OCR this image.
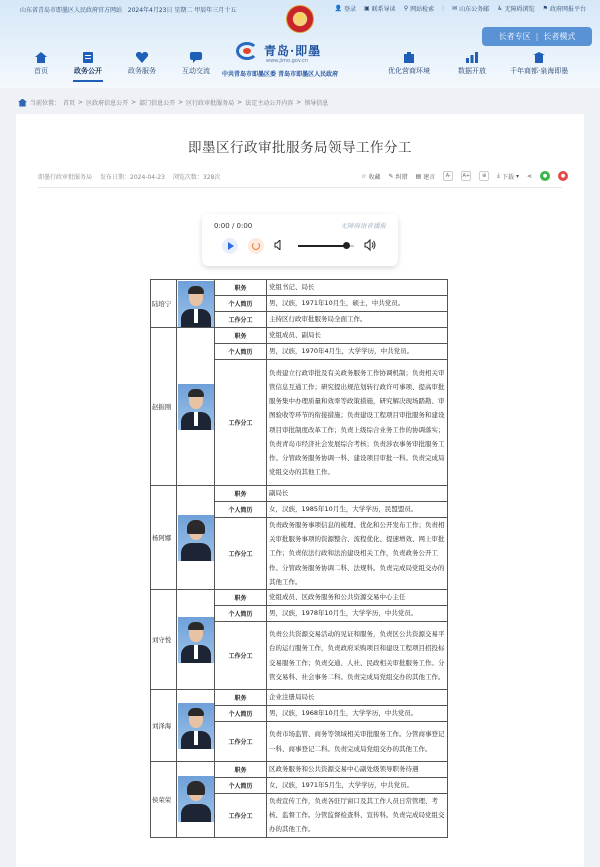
山东省青岛市即墨区人民政府官方网站 2024年4月23日 星期二 甲辰年三月十五	👤 登录 ▣ 联系导读 ⚲ 网站检索 | ✉ 山东公务邮 ♿ 无障碍浏览 ⚑ 政府网报平台
★
青岛·即墨
www.jimo.gov.cn
中共青岛市即墨区委 青岛市即墨区人民政府
长者专区 | 长者模式
首页	政务公开	政务服务	互动交流	优化营商环境	数据开放	千年商都·泉海即墨
当前位置： 首页 > 区政府信息公开 > 部门信息公开 > 区行政审批服务局 > 法定主动公开内容 > 领导信息
即墨区行政审批服务局领导工作分工
即墨行政审批服务局 发布日期：2024-04-23 浏览次数：328次	☆ 收藏 ✎ 纠错 ▤ 建言	A-	A+	⊕	⤓ 下载 ▾ ⋖	●	●
0:00 / 0:00	无障碍语音播报
陆培宁		职务	党组书记、局长
		个人简历	男，汉族，1971年10月生，硕士，中共党员。
		工作分工	主持区行政审批服务局全面工作。
赵振刚		职务	党组成员、副局长
		个人简历	男，汉族，1970年4月生，大学学历，中共党员。
		工作分工	负责建立行政审批及有关政务服务工作协调机制；负责相关审管信息互通工作；研究提出规范划转行政许可事项、提高审批服务集中办理质量和效率等政策措施，研究解决现场踏勘、审图验收等环节的衔接措施；负责建设工程项目审批服务和建设项目审批制度改革工作；负责上级综合业务工作的协调落实；负责青岛市经济社会发展综合考核；负责涉农事务审批服务工作。分管政务服务协调一科、建设项目审批一科。负责完成局党组交办的其他工作。
杨阿娜		职务	副局长
		个人简历	女，汉族，1985年10月生，大学学历，民盟盟员。
		工作分工	负责政务服务事项信息的梳理、优化和公开发布工作；负责相关审批服务事项的资源整合、流程优化、提速增效、网上审批工作；负责依法行政和法治建设相关工作，负责政务公开工作。分管政务服务协调二科、法规科。负责完成局党组交办的其他工作。
刘守悦		职务	党组成员、区政务服务和公共资源交易中心主任
		个人简历	男，汉族，1978年10月生，大学学历，中共党员。
		工作分工	负责公共资源交易活动的见证和服务，负责区公共资源交易平台的运行服务工作，负责政府采购项目和建设工程项目招投标交易服务工作；负责交通、人社、民政相关审批服务工作。分管交易科、社会事务二科。负责完成局党组交办的其他工作。
刘泽海		职务	企业注册局局长
		个人简历	男，汉族，1968年10月生，大学学历，中共党员。
		工作分工	负责市场监管、商务等领域相关审批服务工作。分管商事登记一科、商事登记二科。负责完成局党组交办的其他工作。
侯荣荣		职务	区政务服务和公共资源交易中心副处级领导职务待遇
		个人简历	女，汉族，1971年5月生，大学学历，中共党员。
		工作分工	负责宣传工作，负责各驻厅窗口及其工作人员日常管理、考核、监督工作。分管监督检查科、宣传科。负责完成局党组交办的其他工作。
